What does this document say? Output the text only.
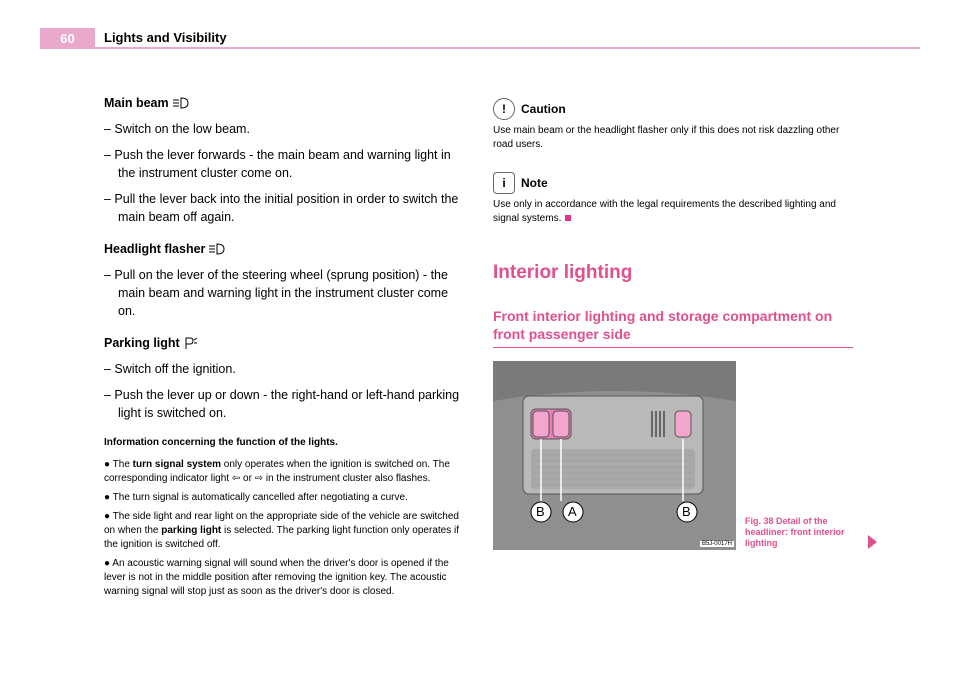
60	Lights and Visibility
Main beam
– Switch on the low beam.
– Push the lever forwards - the main beam and warning light in the instrument cluster come on.
– Pull the lever back into the initial position in order to switch the main beam off again.
Headlight flasher
– Pull on the lever of the steering wheel (sprung position) - the main beam and warning light in the instrument cluster come on.
Parking light
– Switch off the ignition.
– Push the lever up or down - the right-hand or left-hand parking light is switched on.
Information concerning the function of the lights.

● The turn signal system only operates when the ignition is switched on. The corresponding indicator light ⇦ or ⇨ in the instrument cluster also flashes.

● The turn signal is automatically cancelled after negotiating a curve.

● The side light and rear light on the appropriate side of the vehicle are switched on when the parking light is selected. The parking light function only operates if the ignition is switched off.

● An acoustic warning signal will sound when the driver's door is opened if the lever is not in the middle position after removing the ignition key. The acoustic warning signal will stop just as soon as the driver's door is closed.

!	Caution
Use main beam or the headlight flasher only if this does not risk dazzling other road users.
i	Note
Use only in accordance with the legal requirements the described lighting and signal systems.
Interior lighting
Front interior lighting and storage compartment on front passenger side
B A	B
B5J-0017H
Fig. 38 Detail of the headliner: front interior lighting
